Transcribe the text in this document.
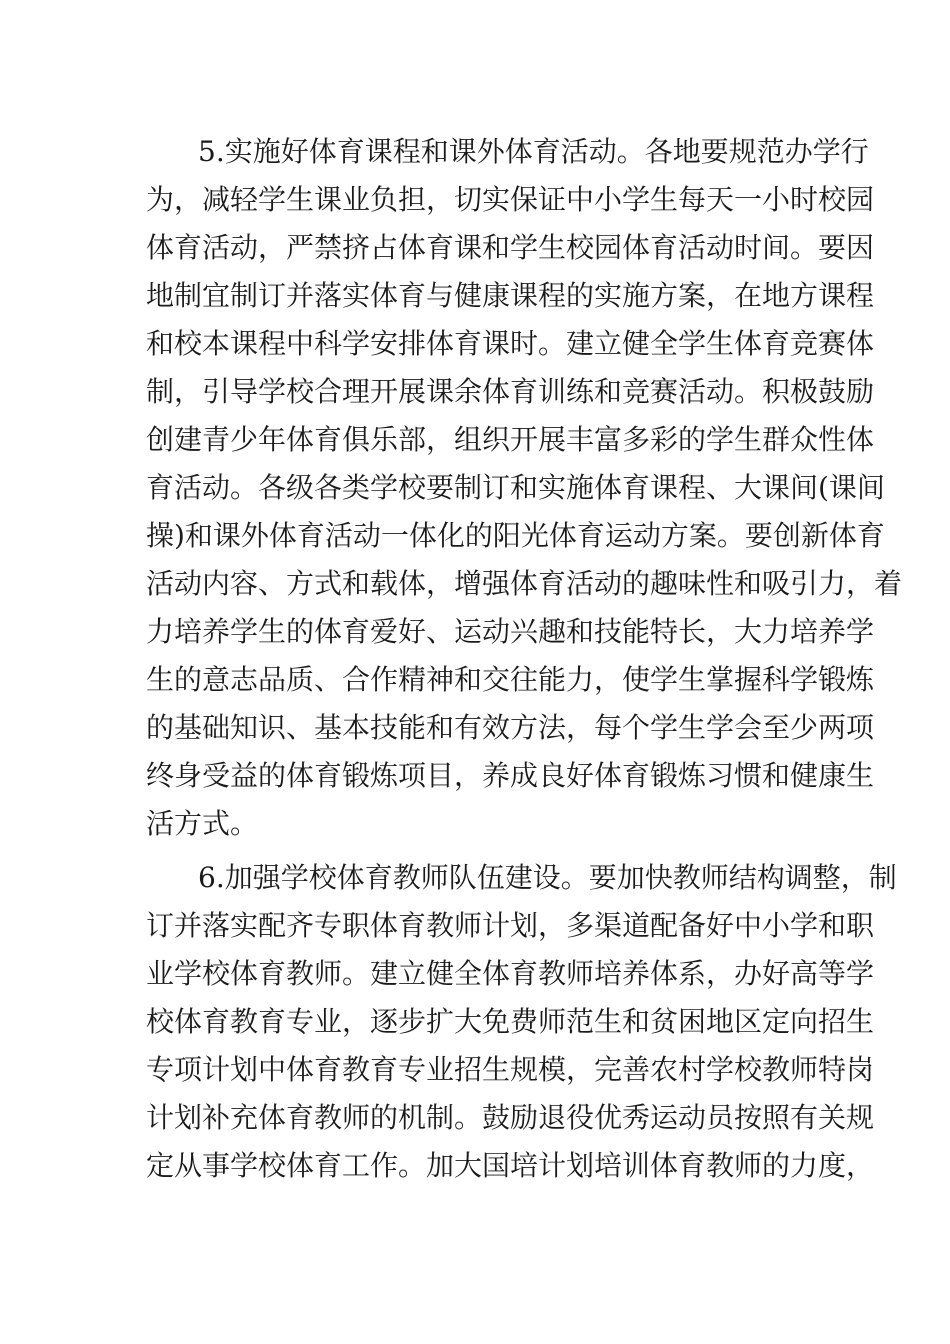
5.实施好体育课程和课外体育活动。各地要规范办学行
为，减轻学生课业负担，切实保证中小学生每天一小时校园
体育活动，严禁挤占体育课和学生校园体育活动时间。要因
地制宜制订并落实体育与健康课程的实施方案，在地方课程
和校本课程中科学安排体育课时。建立健全学生体育竞赛体
制，引导学校合理开展课余体育训练和竞赛活动。积极鼓励
创建青少年体育俱乐部，组织开展丰富多彩的学生群众性体
育活动。各级各类学校要制订和实施体育课程、大课间(课间
操)和课外体育活动一体化的阳光体育运动方案。要创新体育
活动内容、方式和载体，增强体育活动的趣味性和吸引力，着
力培养学生的体育爱好、运动兴趣和技能特长，大力培养学
生的意志品质、合作精神和交往能力，使学生掌握科学锻炼
的基础知识、基本技能和有效方法，每个学生学会至少两项
终身受益的体育锻炼项目，养成良好体育锻炼习惯和健康生
活方式。
6.加强学校体育教师队伍建设。要加快教师结构调整，制
订并落实配齐专职体育教师计划，多渠道配备好中小学和职
业学校体育教师。建立健全体育教师培养体系，办好高等学
校体育教育专业，逐步扩大免费师范生和贫困地区定向招生
专项计划中体育教育专业招生规模，完善农村学校教师特岗
计划补充体育教师的机制。鼓励退役优秀运动员按照有关规
定从事学校体育工作。加大国培计划培训体育教师的力度，
